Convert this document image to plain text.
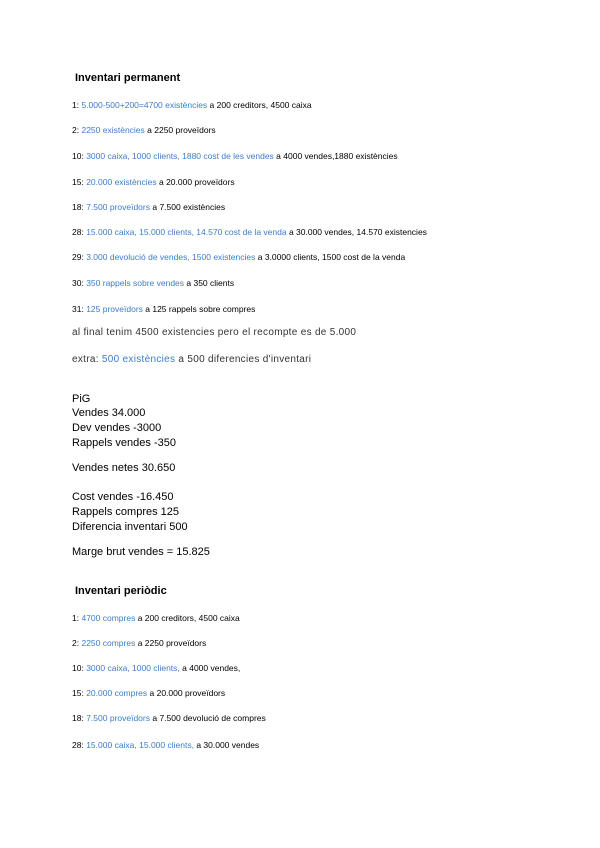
Inventari permanent
1: 5.000-500+200=4700 existències a 200 creditors, 4500 caixa
2: 2250 existències a 2250 proveïdors
10: 3000 caixa, 1000 clients, 1880 cost de les vendes a 4000 vendes,1880 existències
15: 20.000 existències a 20.000 proveïdors
18: 7.500 proveïdors a 7.500 existències
28: 15.000 caixa, 15.000 clients, 14.570 cost de la venda a 30.000 vendes, 14.570 existencies
29: 3.000 devolució de vendes, 1500 existencies a 3.0000 clients, 1500 cost de la venda
30: 350 rappels sobre vendes a 350 clients
31: 125 proveïdors a 125 rappels sobre compres
al final tenim 4500 existencies pero el recompte es de 5.000
extra: 500 existències a 500 diferencies d'inventari
PiG
Vendes 34.000
Dev vendes -3000
Rappels vendes -350
Vendes netes 30.650
Cost vendes -16.450
Rappels compres 125
Diferencia inventari 500
Marge brut vendes = 15.825
Inventari periòdic
1: 4700 compres a 200 creditors, 4500 caixa
2: 2250 compres a 2250 proveïdors
10: 3000 caixa, 1000 clients, a 4000 vendes,
15: 20.000 compres a 20.000 proveïdors
18: 7.500 proveïdors a 7.500 devolució de compres
28: 15.000 caixa, 15.000 clients, a 30.000 vendes
